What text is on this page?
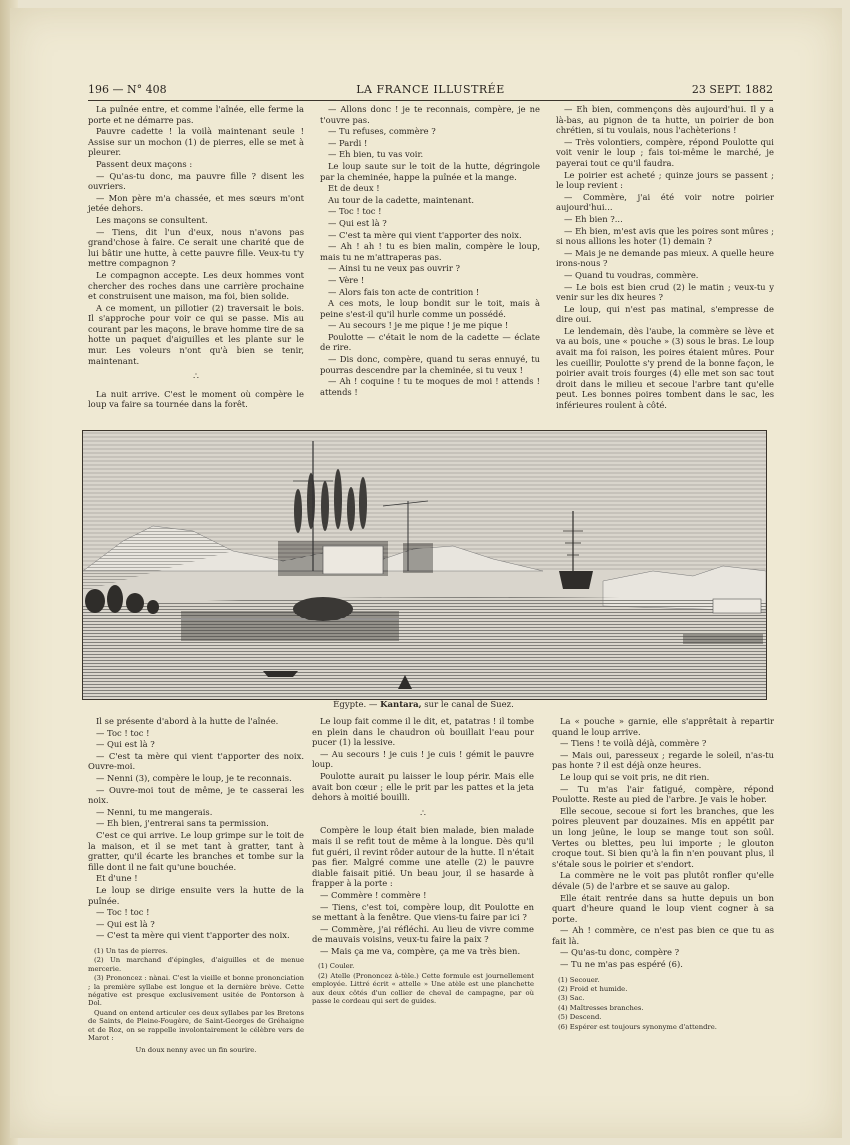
196 — N° 408	LA FRANCE ILLUSTRÉE	23 SEPT. 1882

La puînée entre, et comme l'aînée, elle ferme la porte et ne démarre pas.

Pauvre cadette ! la voilà maintenant seule ! Assise sur un mochon (1) de pierres, elle se met à pleurer.

Passent deux maçons :

— Qu'as-tu donc, ma pauvre fille ? disent les ouvriers.

— Mon père m'a chassée, et mes sœurs m'ont jetée dehors.

Les maçons se consultent.

— Tiens, dit l'un d'eux, nous n'avons pas grand'chose à faire. Ce serait une charité que de lui bâtir une hutte, à cette pauvre fille. Veux-tu t'y mettre compagnon ?

Le compagnon accepte. Les deux hommes vont chercher des roches dans une carrière prochaine et construisent une maison, ma foi, bien solide.

A ce moment, un pillotier (2) traversait le bois. Il s'approche pour voir ce qui se passe. Mis au courant par les maçons, le brave homme tire de sa hotte un paquet d'aiguilles et les plante sur le mur. Les voleurs n'ont qu'à bien se tenir, maintenant.

∴

La nuit arrive. C'est le moment où compère le loup va faire sa tournée dans la forêt.

— Allons donc ! je te reconnais, compère, je ne t'ouvre pas.

— Tu refuses, commère ?

— Pardi !

— Eh bien, tu vas voir.

Le loup saute sur le toit de la hutte, dégringole par la cheminée, happe la puînée et la mange.

Et de deux !

Au tour de la cadette, maintenant.

— Toc ! toc !

— Qui est là ?

— C'est ta mère qui vient t'apporter des noix.

— Ah ! ah ! tu es bien malin, compère le loup, mais tu ne m'attraperas pas.

— Ainsi tu ne veux pas ouvrir ?

— Vère !

— Alors fais ton acte de contrition !

A ces mots, le loup bondit sur le toit, mais à peine s'est-il qu'il hurle comme un possédé.

— Au secours ! je me pique ! je me pique !

Poulotte — c'était le nom de la cadette — éclate de rire.

— Dis donc, compère, quand tu seras ennuyé, tu pourras descendre par la cheminée, si tu veux !

— Ah ! coquine ! tu te moques de moi ! attends ! attends !

— Eh bien, commençons dès aujourd'hui. Il y a là-bas, au pignon de ta hutte, un poirier de bon chrétien, si tu voulais, nous l'achèterions !

— Très volontiers, compère, répond Poulotte qui voit venir le loup ; fais toi-même le marché, je payerai tout ce qu'il faudra.

Le poirier est acheté ; quinze jours se passent ; le loup revient :

— Commère, j'ai été voir notre poirier aujourd'hui...

— Eh bien ?...

— Eh bien, m'est avis que les poires sont mûres ; si nous allions les hoter (1) demain ?

— Mais je ne demande pas mieux. A quelle heure irons-nous ?

— Quand tu voudras, commère.

— Le bois est bien crud (2) le matin ; veux-tu y venir sur les dix heures ?

Le loup, qui n'est pas matinal, s'empresse de dire oui.

Le lendemain, dès l'aube, la commère se lève et va au bois, une « pouche » (3) sous le bras. Le loup avait ma foi raison, les poires étaient mûres. Pour les cueillir, Poulotte s'y prend de la bonne façon, le poirier avait trois fourges (4) elle met son sac tout droit dans le milieu et secoue l'arbre tant qu'elle peut. Les bonnes poires tombent dans le sac, les inférieures roulent à côté.

Égypte. — Kantara, sur le canal de Suez.

Il se présente d'abord à la hutte de l'aînée.

— Toc ! toc !

— Qui est là ?

— C'est ta mère qui vient t'apporter des noix. Ouvre-moi.

— Nenni (3), compère le loup, je te reconnais.

— Ouvre-moi tout de même, je te casserai les noix.

— Nenni, tu me mangerais.

— Eh bien, j'entrerai sans ta permission.

C'est ce qui arrive. Le loup grimpe sur le toit de la maison, et il se met tant à gratter, tant à gratter, qu'il écarte les branches et tombe sur la fille dont il ne fait qu'une bouchée.

Et d'une !

Le loup se dirige ensuite vers la hutte de la puînée.

— Toc ! toc !

— Qui est là ?

— C'est ta mère qui vient t'apporter des noix.

(1) Un tas de pierres.

(2) Un marchand d'épingles, d'aiguilles et de menue mercerie.

(3) Prononcez : nànai. C'est la vieille et bonne prononciation ; la première syllabe est longue et la dernière brève. Cette négative est presque exclusivement usitée de Pontorson à Dol.

Quand on entend articuler ces deux syllabes par les Bretons de Saints, de Pleine-Fougère, de Saint-Georges de Gréhaigne et de Roz, on se rappelle involontairement le célèbre vers de Marot :

Un doux nenny avec un fin sourire.

Le loup fait comme il le dit, et, patatras ! il tombe en plein dans le chaudron où bouillait l'eau pour pucer (1) la lessive.

— Au secours ! je cuis ! je cuis ! gémit le pauvre loup.

Poulotte aurait pu laisser le loup périr. Mais elle avait bon cœur ; elle le prit par les pattes et la jeta dehors à moitié bouilli.

∴

Compère le loup était bien malade, bien malade mais il se refit tout de même à la longue. Dès qu'il fut guéri, il revint rôder autour de la hutte. Il n'était pas fier. Malgré comme une atelle (2) le pauvre diable faisait pitié. Un beau jour, il se hasarde à frapper à la porte :

— Commère ! commère !

— Tiens, c'est toi, compère loup, dit Poulotte en se mettant à la fenêtre. Que viens-tu faire par ici ?

— Commère, j'ai réfléchi. Au lieu de vivre comme de mauvais voisins, veux-tu faire la paix ?

— Mais ça me va, compère, ça me va très bien.

(1) Couler.

(2) Atelle (Prononcez à-tèle.) Cette formule est journellement employée. Littré écrit « attelle » Une atèle est une planchette aux deux côtés d'un collier de cheval de campagne, par où passe le cordeau qui sert de guides.

La « pouche » garnie, elle s'apprêtait à repartir quand le loup arrive.

— Tiens ! te voilà déjà, commère ?

— Mais oui, paresseux ; regarde le soleil, n'as-tu pas honte ? il est déjà onze heures.

Le loup qui se voit pris, ne dit rien.

— Tu m'as l'air fatigué, compère, répond Poulotte. Reste au pied de l'arbre. Je vais le hober.

Elle secoue, secoue si fort les branches, que les poires pleuvent par douzaines. Mis en appétit par un long jeûne, le loup se mange tout son soûl. Vertes ou blettes, peu lui importe ; le glouton croque tout. Si bien qu'à la fin n'en pouvant plus, il s'étale sous le poirier et s'endort.

La commère ne le voit pas plutôt ronfler qu'elle dévale (5) de l'arbre et se sauve au galop.

Elle était rentrée dans sa hutte depuis un bon quart d'heure quand le loup vient cogner à sa porte.

— Ah ! commère, ce n'est pas bien ce que tu as fait là.

— Qu'as-tu donc, compère ?

— Tu ne m'as pas espéré (6).

(1) Secouer.

(2) Froid et humide.

(3) Sac.

(4) Maîtresses branches.

(5) Descend.

(6) Espérer est toujours synonyme d'attendre.
